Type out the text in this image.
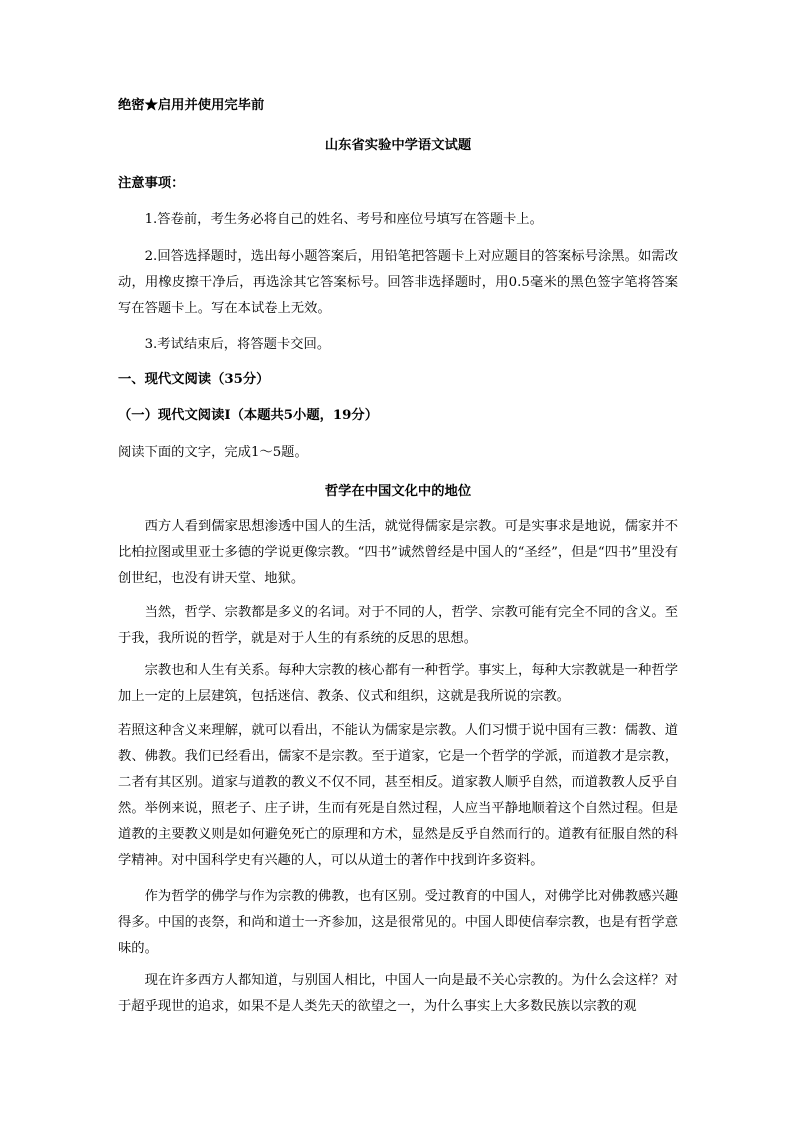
绝密★启用并使用完毕前
山东省实验中学语文试题
注意事项：

1.答卷前，考生务必将自己的姓名、考号和座位号填写在答题卡上。

2.回答选择题时，选出每小题答案后，用铅笔把答题卡上对应题目的答案标号涂黑。如需改动，用橡皮擦干净后，再选涂其它答案标号。回答非选择题时，用0.5毫米的黑色签字笔将答案写在答题卡上。写在本试卷上无效。

3.考试结束后，将答题卡交回。

一、现代文阅读（35分）
（一）现代文阅读I（本题共5小题，19分）
阅读下面的文字，完成1～5题。
哲学在中国文化中的地位

西方人看到儒家思想渗透中国人的生活，就觉得儒家是宗教。可是实事求是地说，儒家并不比柏拉图或里亚士多德的学说更像宗教。“四书”诚然曾经是中国人的“圣经”，但是“四书”里没有创世纪，也没有讲天堂、地狱。

当然，哲学、宗教都是多义的名词。对于不同的人，哲学、宗教可能有完全不同的含义。至于我，我所说的哲学，就是对于人生的有系统的反思的思想。

宗教也和人生有关系。每种大宗教的核心都有一种哲学。事实上，每种大宗教就是一种哲学加上一定的上层建筑，包括迷信、教条、仪式和组织，这就是我所说的宗教。

若照这种含义来理解，就可以看出，不能认为儒家是宗教。人们习惯于说中国有三教：儒教、道教、佛教。我们已经看出，儒家不是宗教。至于道家，它是一个哲学的学派，而道教才是宗教，二者有其区别。道家与道教的教义不仅不同，甚至相反。道家教人顺乎自然，而道教教人反乎自然。举例来说，照老子、庄子讲，生而有死是自然过程，人应当平静地顺着这个自然过程。但是道教的主要教义则是如何避免死亡的原理和方术，显然是反乎自然而行的。道教有征服自然的科学精神。对中国科学史有兴趣的人，可以从道士的著作中找到许多资料。

作为哲学的佛学与作为宗教的佛教，也有区别。受过教育的中国人，对佛学比对佛教感兴趣得多。中国的丧祭，和尚和道士一齐参加，这是很常见的。中国人即使信奉宗教，也是有哲学意味的。

现在许多西方人都知道，与别国人相比，中国人一向是最不关心宗教的。为什么会这样？对于超乎现世的追求，如果不是人类先天的欲望之一，为什么事实上大多数民族以宗教的观
